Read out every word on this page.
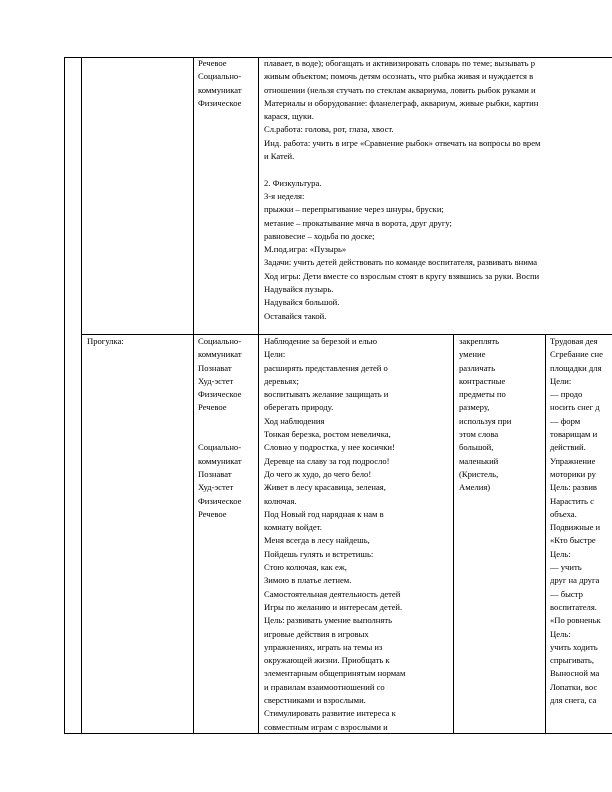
Речевое
Социально-
коммуникат
Физическое
плавает, в воде); обогащать и активизировать словарь по теме; вызывать р
живым объектом; помочь детям осознать, что рыбка живая и нуждается в
отношении (нельзя стучать по стеклам аквариума, ловить рыбок руками и
Материалы и оборудование: фланелеграф, аквариум, живые рыбки, картин
карася, щуки.
Сл.работа: голова, рот, глаза, хвост.
Инд. работа: учить в игре «Сравнение рыбок» отвечать на вопросы во врем
и Катей.
2. Физкультура.
3-я неделя:
прыжки – перепрыгивание через шнуры, бруски;
метание – прокатывание мяча в ворота, друг другу;
равновесие – ходьба по доске;
М.под.игра: «Пузырь»
Задачи: учить детей действовать по команде воспитателя, развивать внима
Ход игры: Дети вместе со взрослым стоят в кругу взявшись за руки. Воспи
Надувайся пузырь.
Надувайся большой.
Оставайся такой.
Прогулка:	Социально-
коммуникат
Познават
Худ-эстет
Физическое
Речевое
Социально-
коммуникат
Познават
Худ-эстет
Физическое
Речевое
Наблюдение за березой и елью
Цели:
расширять представления детей о
деревьях;
воспитывать желание защищать и
оберегать природу.
Ход наблюдения
Тонкая березка, ростом невеличка,
Словно у подростка, у нее косички!
Деревце на славу за год подросло!
До чего ж худо, до чего бело!
Живет в лесу красавица, зеленая,
колючая.
Под Новый год нарядная к нам в
комнату войдет.
Меня всегда в лесу найдешь,
Пойдешь гулять и встретишь:
Стою колючая, как еж,
Зимою в платье летнем.
Самостоятельная деятельность детей
Игры по желанию и интересам детей.
Цель: развивать умение выполнять
игровые действия в игровых
упражнениях, играть на темы из
окружающей жизни. Приобщать к
элементарным общепринятым нормам
и правилам взаимоотношений со
сверстниками и взрослыми.
Стимулировать развитие интереса к
совместным играм с взрослыми и
закреплять
умение
различать
контрастные
предметы по
размеру,
используя при
этом слова
большой,
маленький
(Кристель,
Амелия)
Трудовая дея
Сгребание сне
площадки для
Цели:
— продо
носить снег д
— форм
товарищам и
действий.
Упражнение
моторики ру
Цель: развив
Нарастить с
объеха.
Подвижные и
«Кто быстре
Цель:
— учить
друг на друга
— быстр
воспитателя.
«По ровненьк
Цель:
учить ходить
спрыгивать,
Выносной ма
Лопатки, вос
для снега, са
